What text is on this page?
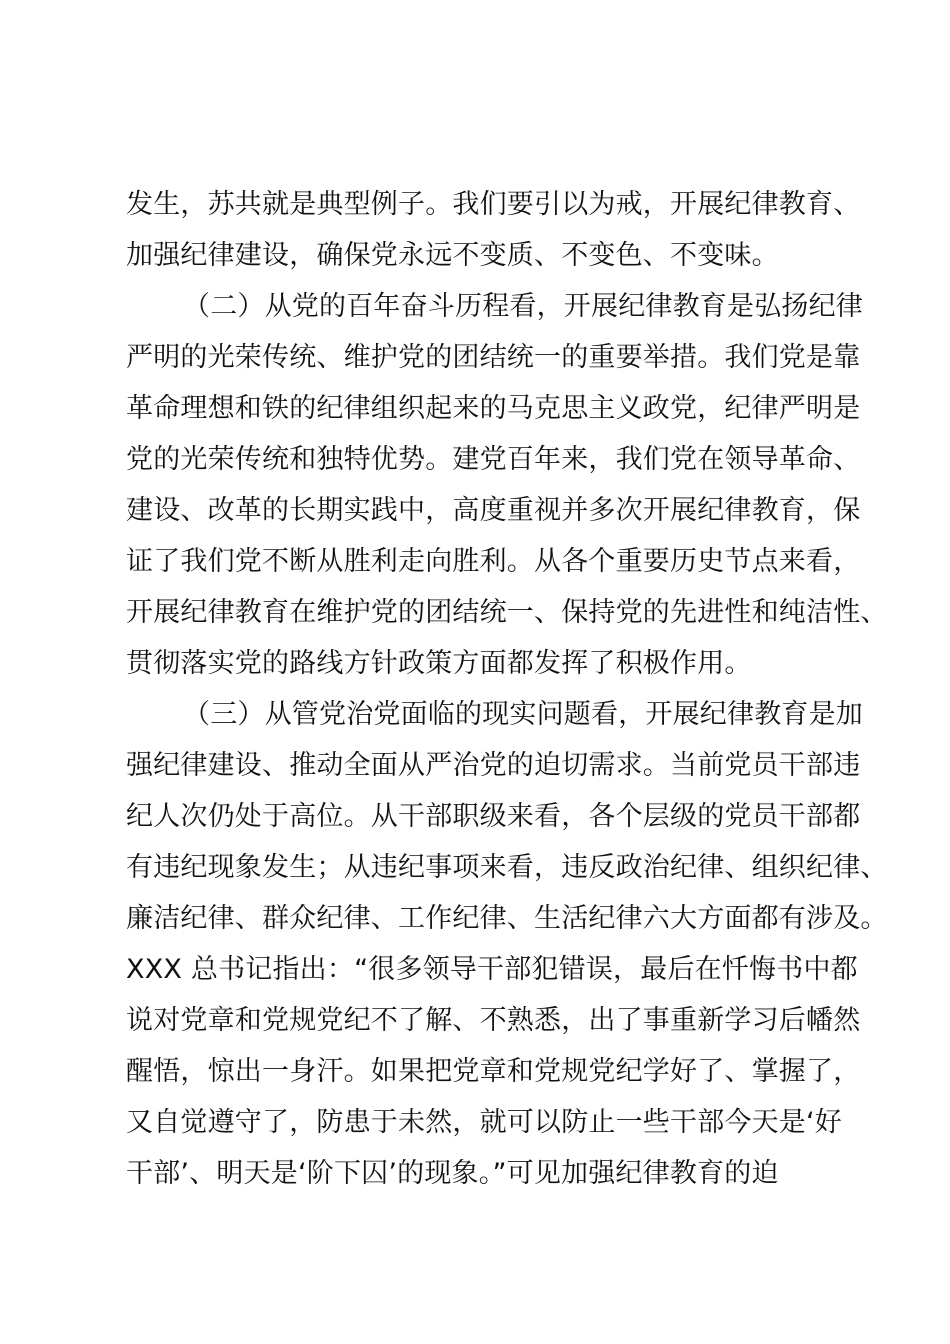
发生，苏共就是典型例子。我们要引以为戒，开展纪律教育、
加强纪律建设，确保党永远不变质、不变色、不变味。
（二）从党的百年奋斗历程看，开展纪律教育是弘扬纪律
严明的光荣传统、维护党的团结统一的重要举措。我们党是靠
革命理想和铁的纪律组织起来的马克思主义政党，纪律严明是
党的光荣传统和独特优势。建党百年来，我们党在领导革命、
建设、改革的长期实践中，高度重视并多次开展纪律教育，保
证了我们党不断从胜利走向胜利。从各个重要历史节点来看，
开展纪律教育在维护党的团结统一、保持党的先进性和纯洁性、
贯彻落实党的路线方针政策方面都发挥了积极作用。
（三）从管党治党面临的现实问题看，开展纪律教育是加
强纪律建设、推动全面从严治党的迫切需求。当前党员干部违
纪人次仍处于高位。从干部职级来看，各个层级的党员干部都
有违纪现象发生；从违纪事项来看，违反政治纪律、组织纪律、
廉洁纪律、群众纪律、工作纪律、生活纪律六大方面都有涉及。
XXX 总书记指出：“很多领导干部犯错误，最后在忏悔书中都
说对党章和党规党纪不了解、不熟悉，出了事重新学习后幡然
醒悟，惊出一身汗。如果把党章和党规党纪学好了、掌握了，
又自觉遵守了，防患于未然，就可以防止一些干部今天是‘好
干部’、明天是‘阶下囚’的现象。”可见加强纪律教育的迫
